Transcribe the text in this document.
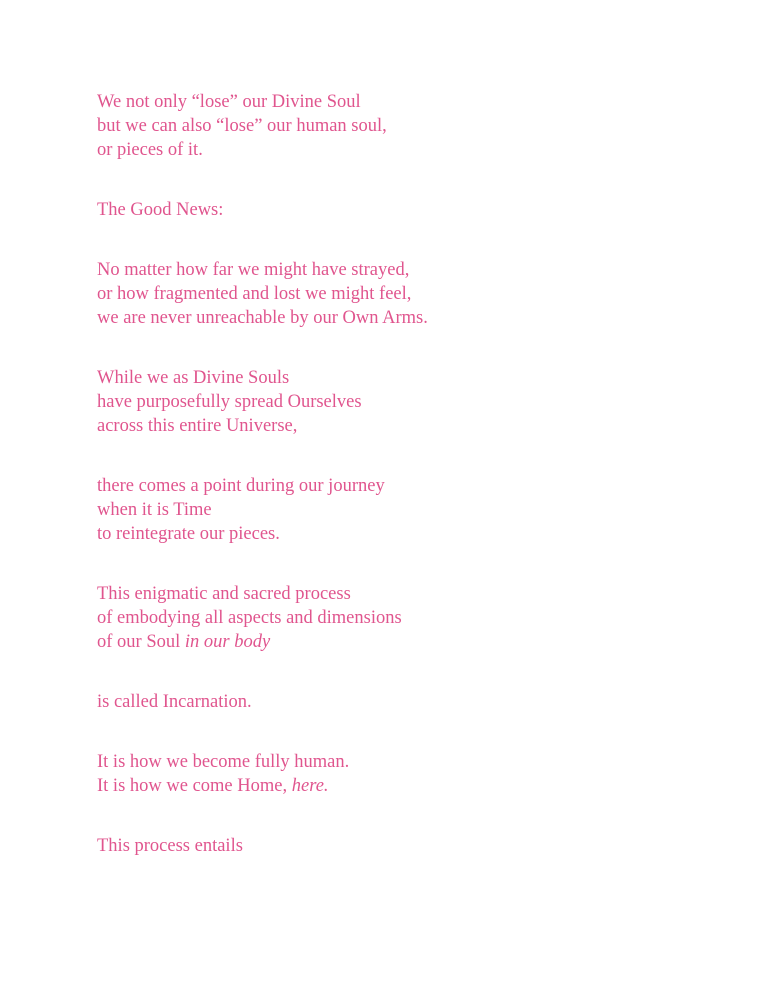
We not only “lose” our Divine Soul
but we can also “lose” our human soul,
or pieces of it.
The Good News:
No matter how far we might have strayed,
or how fragmented and lost we might feel,
we are never unreachable by our Own Arms.
While we as Divine Souls
have purposefully spread Ourselves
across this entire Universe,
there comes a point during our journey
when it is Time
to reintegrate our pieces.
This enigmatic and sacred process
of embodying all aspects and dimensions
of our Soul in our body
is called Incarnation.
It is how we become fully human.
It is how we come Home, here.
This process entails
